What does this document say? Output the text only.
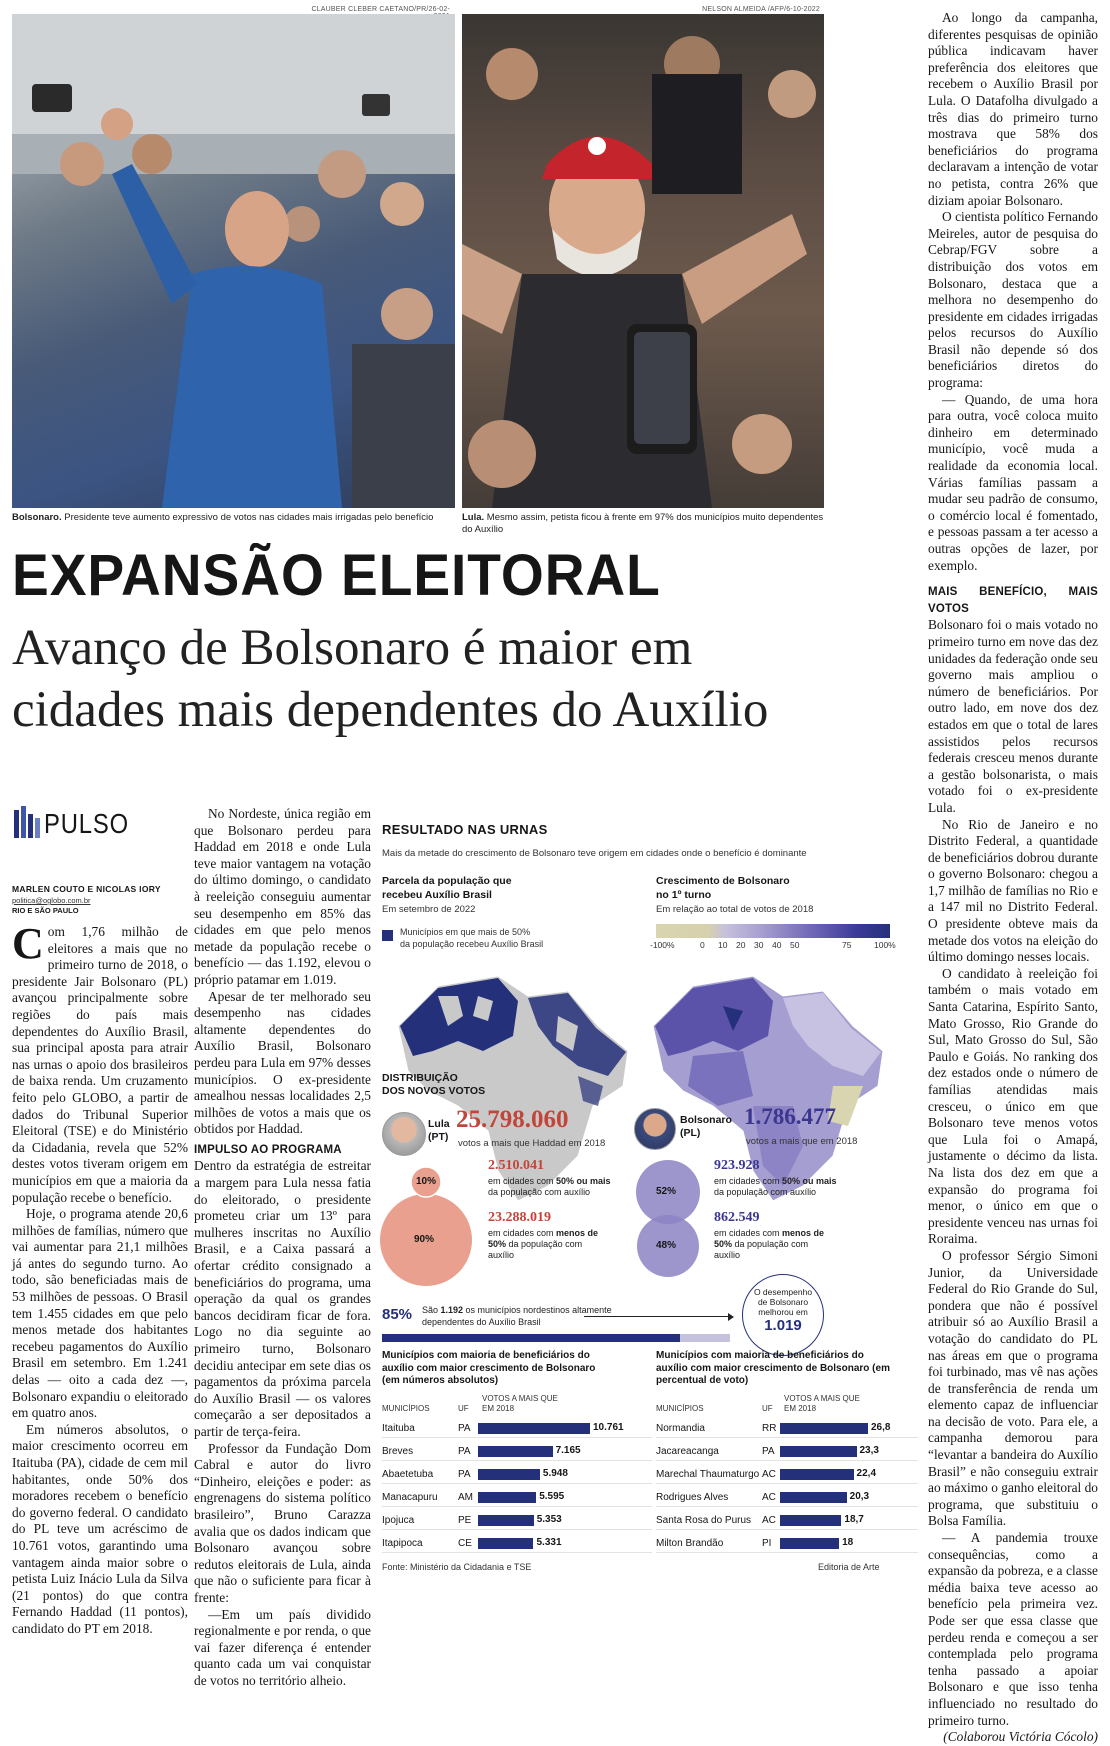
CLAUBER CLEBER CAETANO/PR/26-02-
Bolsonaro. Presidente teve aumento expressivo de votos nas cidades mais irrigadas pelo benefício
NELSON ALMEIDA /AFP/6-10-2022
Lula. Mesmo assim, petista ficou à frente em 97% dos municípios muito dependentes do Auxílio
EXPANSÃO ELEITORAL
Avanço de Bolsonaro é maior em
cidades mais dependentes do Auxílio
PULSO
MARLEN COUTO E NICOLAS IORY
politica@oglobo.com.br
RIO E SÃO PAULO

Com 1,76 milhão de eleitores a mais que no primeiro turno de 2018, o presidente Jair Bolsonaro (PL) avançou principalmente sobre regiões do país mais dependentes do Auxílio Brasil, sua principal aposta para atrair nas urnas o apoio dos brasileiros de baixa renda. Um cruzamento feito pelo GLOBO, a partir de dados do Tribunal Superior Eleitoral (TSE) e do Ministério da Cidadania, revela que 52% destes votos tiveram origem em municípios em que a maioria da população recebe o benefício.

Hoje, o programa atende 20,6 milhões de famílias, número que vai aumentar para 21,1 milhões já antes do segundo turno. Ao todo, são beneficiadas mais de 53 milhões de pessoas. O Brasil tem 1.455 cidades em que pelo menos metade dos habitantes recebeu pagamentos do Auxílio Brasil em setembro. Em 1.241 delas — oito a cada dez —, Bolsonaro expandiu o eleitorado em quatro anos.

Em números absolutos, o maior crescimento ocorreu em Itaituba (PA), cidade de cem mil habitantes, onde 50% dos moradores recebem o benefício do governo federal. O candidato do PL teve um acréscimo de 10.761 votos, garantindo uma vantagem ainda maior sobre o petista Luiz Inácio Lula da Silva (21 pontos) do que contra Fernando Haddad (11 pontos), candidato do PT em 2018.

No Nordeste, única região em que Bolsonaro perdeu para Haddad em 2018 e onde Lula teve maior vantagem na votação do último domingo, o candidato à reeleição conseguiu aumentar seu desempenho em 85% das cidades em que pelo menos metade da população recebe o benefício — das 1.192, elevou o próprio patamar em 1.019.

Apesar de ter melhorado seu desempenho nas cidades altamente dependentes do Auxílio Brasil, Bolsonaro perdeu para Lula em 97% desses municípios. O ex-presidente amealhou nessas localidades 2,5 milhões de votos a mais que os obtidos por Haddad.

IMPULSO AO PROGRAMA

Dentro da estratégia de estreitar a margem para Lula nessa fatia do eleitorado, o presidente prometeu criar um 13º para mulheres inscritas no Auxílio Brasil, e a Caixa passará a ofertar crédito consignado a beneficiários do programa, uma operação da qual os grandes bancos decidiram ficar de fora. Logo no dia seguinte ao primeiro turno, Bolsonaro decidiu antecipar em sete dias os pagamentos da próxima parcela do Auxílio Brasil — os valores começarão a ser depositados a partir de terça-feira.

Professor da Fundação Dom Cabral e autor do livro “Dinheiro, eleições e poder: as engrenagens do sistema político brasileiro”, Bruno Carazza avalia que os dados indicam que Bolsonaro avançou sobre redutos eleitorais de Lula, ainda que não o suficiente para ficar à frente:

—Em um país dividido regionalmente e por renda, o que vai fazer diferença é entender quanto cada um vai conquistar de votos no território alheio.

Ao longo da campanha, diferentes pesquisas de opinião pública indicavam haver preferência dos eleitores que recebem o Auxílio Brasil por Lula. O Datafolha divulgado a três dias do primeiro turno mostrava que 58% dos beneficiários do programa declaravam a intenção de votar no petista, contra 26% que diziam apoiar Bolsonaro.

O cientista político Fernando Meireles, autor de pesquisa do Cebrap/FGV sobre a distribuição dos votos em Bolsonaro, destaca que a melhora no desempenho do presidente em cidades irrigadas pelos recursos do Auxílio Brasil não depende só dos beneficiários diretos do programa:

— Quando, de uma hora para outra, você coloca muito dinheiro em determinado município, você muda a realidade da economia local. Várias famílias passam a mudar seu padrão de consumo, o comércio local é fomentado, e pessoas passam a ter acesso a outras opções de lazer, por exemplo.

MAIS BENEFÍCIO, MAIS VOTOS

Bolsonaro foi o mais votado no primeiro turno em nove das dez unidades da federação onde seu governo mais ampliou o número de beneficiários. Por outro lado, em nove dos dez estados em que o total de lares assistidos pelos recursos federais cresceu menos durante a gestão bolsonarista, o mais votado foi o ex-presidente Lula.

No Rio de Janeiro e no Distrito Federal, a quantidade de beneficiários dobrou durante o governo Bolsonaro: chegou a 1,7 milhão de famílias no Rio e a 147 mil no Distrito Federal. O presidente obteve mais da metade dos votos na eleição do último domingo nesses locais.

O candidato à reeleição foi também o mais votado em Santa Catarina, Espírito Santo, Mato Grosso, Rio Grande do Sul, Mato Grosso do Sul, São Paulo e Goiás. No ranking dos dez estados onde o número de famílias atendidas mais cresceu, o único em que Bolsonaro teve menos votos que Lula foi o Amapá, justamente o décimo da lista. Na lista dos dez em que a expansão do programa foi menor, o único em que o presidente venceu nas urnas foi Roraima.

O professor Sérgio Simoni Junior, da Universidade Federal do Rio Grande do Sul, pondera que não é possível atribuir só ao Auxílio Brasil a votação do candidato do PL nas áreas em que o programa foi turbinado, mas vê nas ações de transferência de renda um elemento capaz de influenciar na decisão de voto. Para ele, a campanha demorou para “levantar a bandeira do Auxílio Brasil” e não conseguiu extrair ao máximo o ganho eleitoral do programa, que substituiu o Bolsa Família.

— A pandemia trouxe consequências, como a expansão da pobreza, e a classe média baixa teve acesso ao benefício pela primeira vez. Pode ser que essa classe que perdeu renda e começou a ser contemplada pelo programa tenha passado a apoiar Bolsonaro e que isso tenha influenciado no resultado do primeiro turno.

(Colaborou Victória Cócolo)

RESULTADO NAS URNAS
Mais da metade do crescimento de Bolsonaro teve origem em cidades onde o benefício é dominante
Parcela da população que
recebeu Auxílio Brasil
Em setembro de 2022
Municípios em que mais de 50%
da população recebeu Auxílio Brasil
Crescimento de Bolsonaro
no 1º turno
Em relação ao total de votos de 2018
-100%	0 10 20 30 40 50	75	100%
DISTRIBUIÇÃO
DOS NOVOS VOTOS
Lula
(PT)
25.798.060
votos a mais que Haddad em 2018
10%
90%
2.510.041
em cidades com 50% ou mais da população com auxílio
23.288.019
em cidades com menos de 50% da população com auxílio
Bolsonaro
(PL)
1.786.477
votos a mais que em 2018
52%
48%
923.928
em cidades com 50% ou mais da população com auxílio
862.549
em cidades com menos de 50% da população com auxílio
85% São 1.192 os municípios nordestinos altamente
dependentes do Auxílio Brasil
O desempenho
de Bolsonaro
melhorou em
1.019
Municípios com maioria de beneficiários do auxílio com maior crescimento de Bolsonaro (em números absolutos)
Municípios com maioria de beneficiários do auxílio com maior crescimento de Bolsonaro (em percentual de voto)
MUNICÍPIOS	UF
VOTOS A MAIS QUE EM 2018	MUNICÍPIOS	UF
VOTOS A MAIS QUE EM 2018
Itaituba	PA	10.761
Breves	PA	7.165
Abaetetuba PA	5.948
Manacapuru AM	5.595
Ipojuca	PE	5.353
Itapipoca	CE	5.331
Normandia	RR	26,8
Jacareacanga	PA	23,3
Marechal Thaumaturgo AC	22,4
Rodrigues Alves	AC	20,3
Santa Rosa do Purus AC	18,7
Milton Brandão	PI	18
Fonte: Ministério da Cidadania e TSE	Editoria de Arte
